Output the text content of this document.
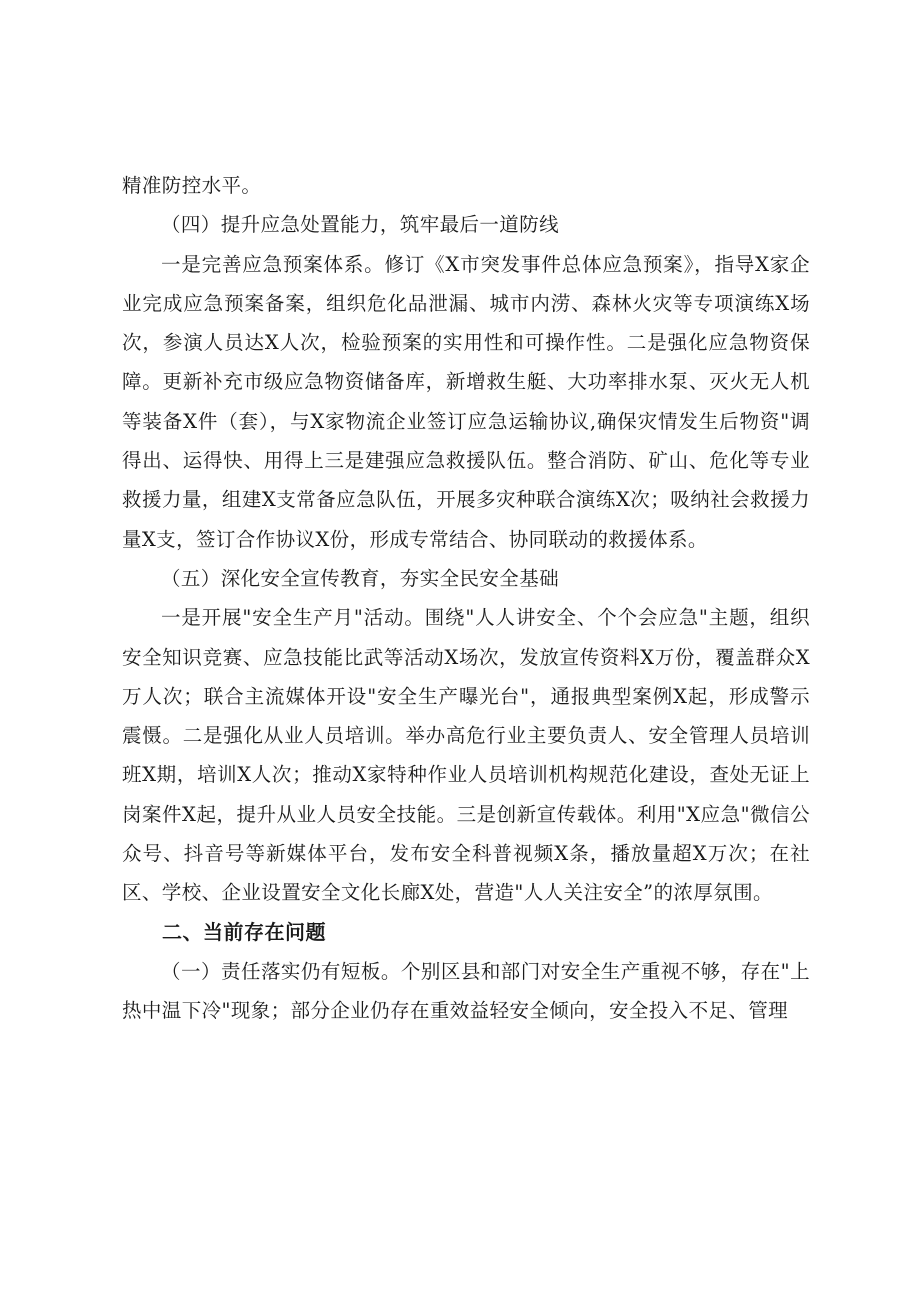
精准防控水平。

（四）提升应急处置能力，筑牢最后一道防线

一是完善应急预案体系。修订《X市突发事件总体应急预案》，指导X家企业完成应急预案备案，组织危化品泄漏、城市内涝、森林火灾等专项演练X场次，参演人员达X人次，检验预案的实用性和可操作性。二是强化应急物资保障。更新补充市级应急物资储备库，新增救生艇、大功率排水泵、灭火无人机等装备X件（套），与X家物流企业签订应急运输协议,确保灾情发生后物资"调得出、运得快、用得上三是建强应急救援队伍。整合消防、矿山、危化等专业救援力量，组建X支常备应急队伍，开展多灾种联合演练X次；吸纳社会救援力量X支，签订合作协议X份，形成专常结合、协同联动的救援体系。

（五）深化安全宣传教育，夯实全民安全基础

一是开展"安全生产月"活动。围绕"人人讲安全、个个会应急"主题，组织安全知识竞赛、应急技能比武等活动X场次，发放宣传资料X万份，覆盖群众X万人次；联合主流媒体开设"安全生产曝光台"，通报典型案例X起，形成警示震慑。二是强化从业人员培训。举办高危行业主要负责人、安全管理人员培训班X期，培训X人次；推动X家特种作业人员培训机构规范化建设，查处无证上岗案件X起，提升从业人员安全技能。三是创新宣传载体。利用"X应急"微信公众号、抖音号等新媒体平台，发布安全科普视频X条，播放量超X万次；在社区、学校、企业设置安全文化长廊X处，营造"人人关注安全”的浓厚氛围。

二、当前存在问题

（一）责任落实仍有短板。个别区县和部门对安全生产重视不够，存在"上热中温下冷"现象；部分企业仍存在重效益轻安全倾向，安全投入不足、管理
